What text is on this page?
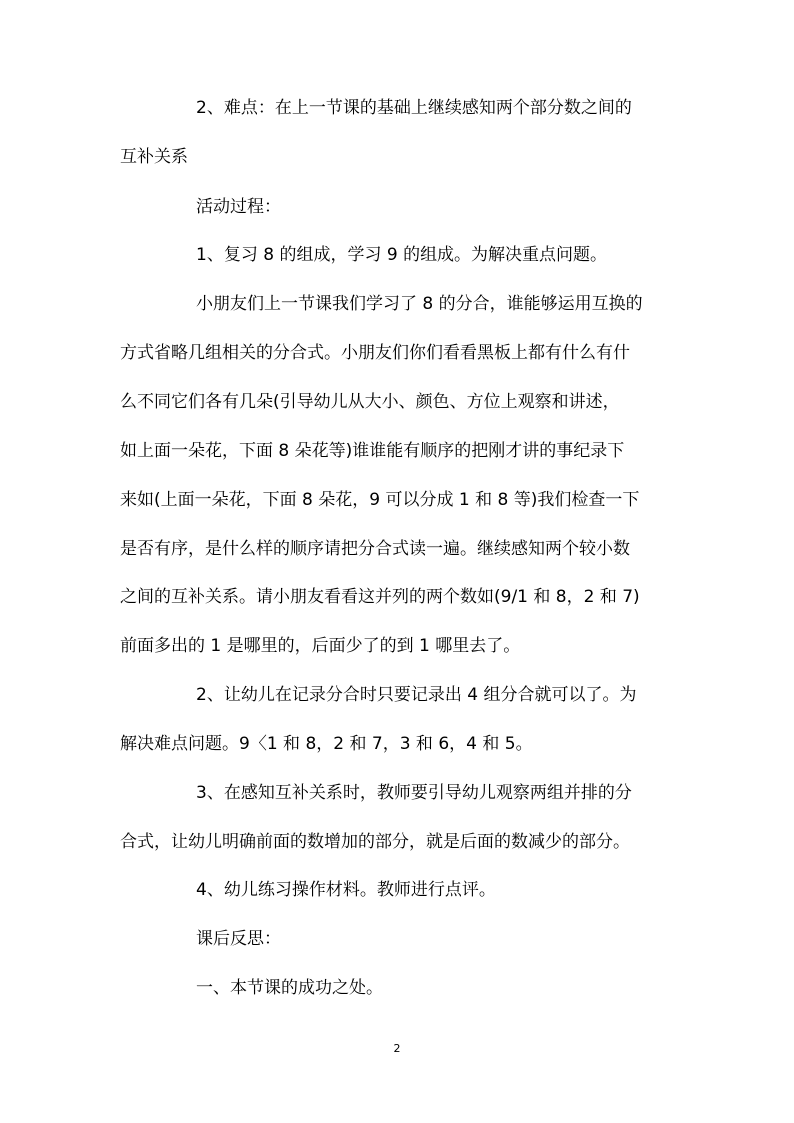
2、难点：在上一节课的基础上继续感知两个部分数之间的
互补关系
活动过程：
1、复习 8 的组成，学习 9 的组成。为解决重点问题。
小朋友们上一节课我们学习了 8 的分合，谁能够运用互换的
方式省略几组相关的分合式。小朋友们你们看看黑板上都有什么有什
么不同它们各有几朵(引导幼儿从大小、颜色、方位上观察和讲述，
如上面一朵花，下面 8 朵花等)谁谁能有顺序的把刚才讲的事纪录下
来如(上面一朵花，下面 8 朵花，9 可以分成 1 和 8 等)我们检查一下
是否有序，是什么样的顺序请把分合式读一遍。继续感知两个较小数
之间的互补关系。请小朋友看看这并列的两个数如(9/1 和 8，2 和 7)
前面多出的 1 是哪里的，后面少了的到 1 哪里去了。
2、让幼儿在记录分合时只要记录出 4 组分合就可以了。为
解决难点问题。9〈1 和 8，2 和 7，3 和 6，4 和 5。
3、在感知互补关系时，教师要引导幼儿观察两组并排的分
合式，让幼儿明确前面的数增加的部分，就是后面的数减少的部分。
4、幼儿练习操作材料。教师进行点评。
课后反思：
一、本节课的成功之处。
2
